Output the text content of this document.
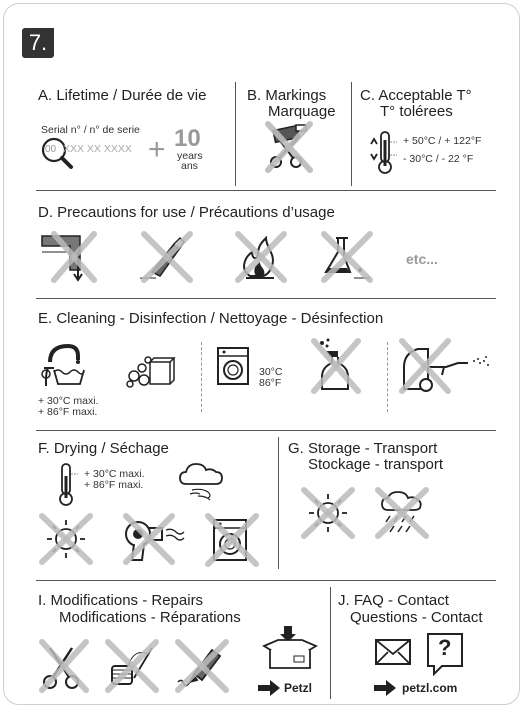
7.
A. Lifetime / Durée de vie
Serial n° / n° de serie
00 XXX XX XXXX + 10
years
ans
B. Markings
Marquage
C. Acceptable T°
T° tolérees
+ 50°C / + 122°F
- 30°C / - 22 °F
D. Precautions for use / Précautions d’usage
etc...
E. Cleaning - Disinfection / Nettoyage - Désinfection
+ 30°C maxi.
+ 86°F maxi.
30°C
86°F
F. Drying / Séchage
+ 30°C maxi.
+ 86°F maxi.
G. Storage - Transport
Stockage - transport
I. Modifications - Repairs
Modifications - Réparations
Petzl
J. FAQ - Contact
Questions - Contact
?
petzl.com
